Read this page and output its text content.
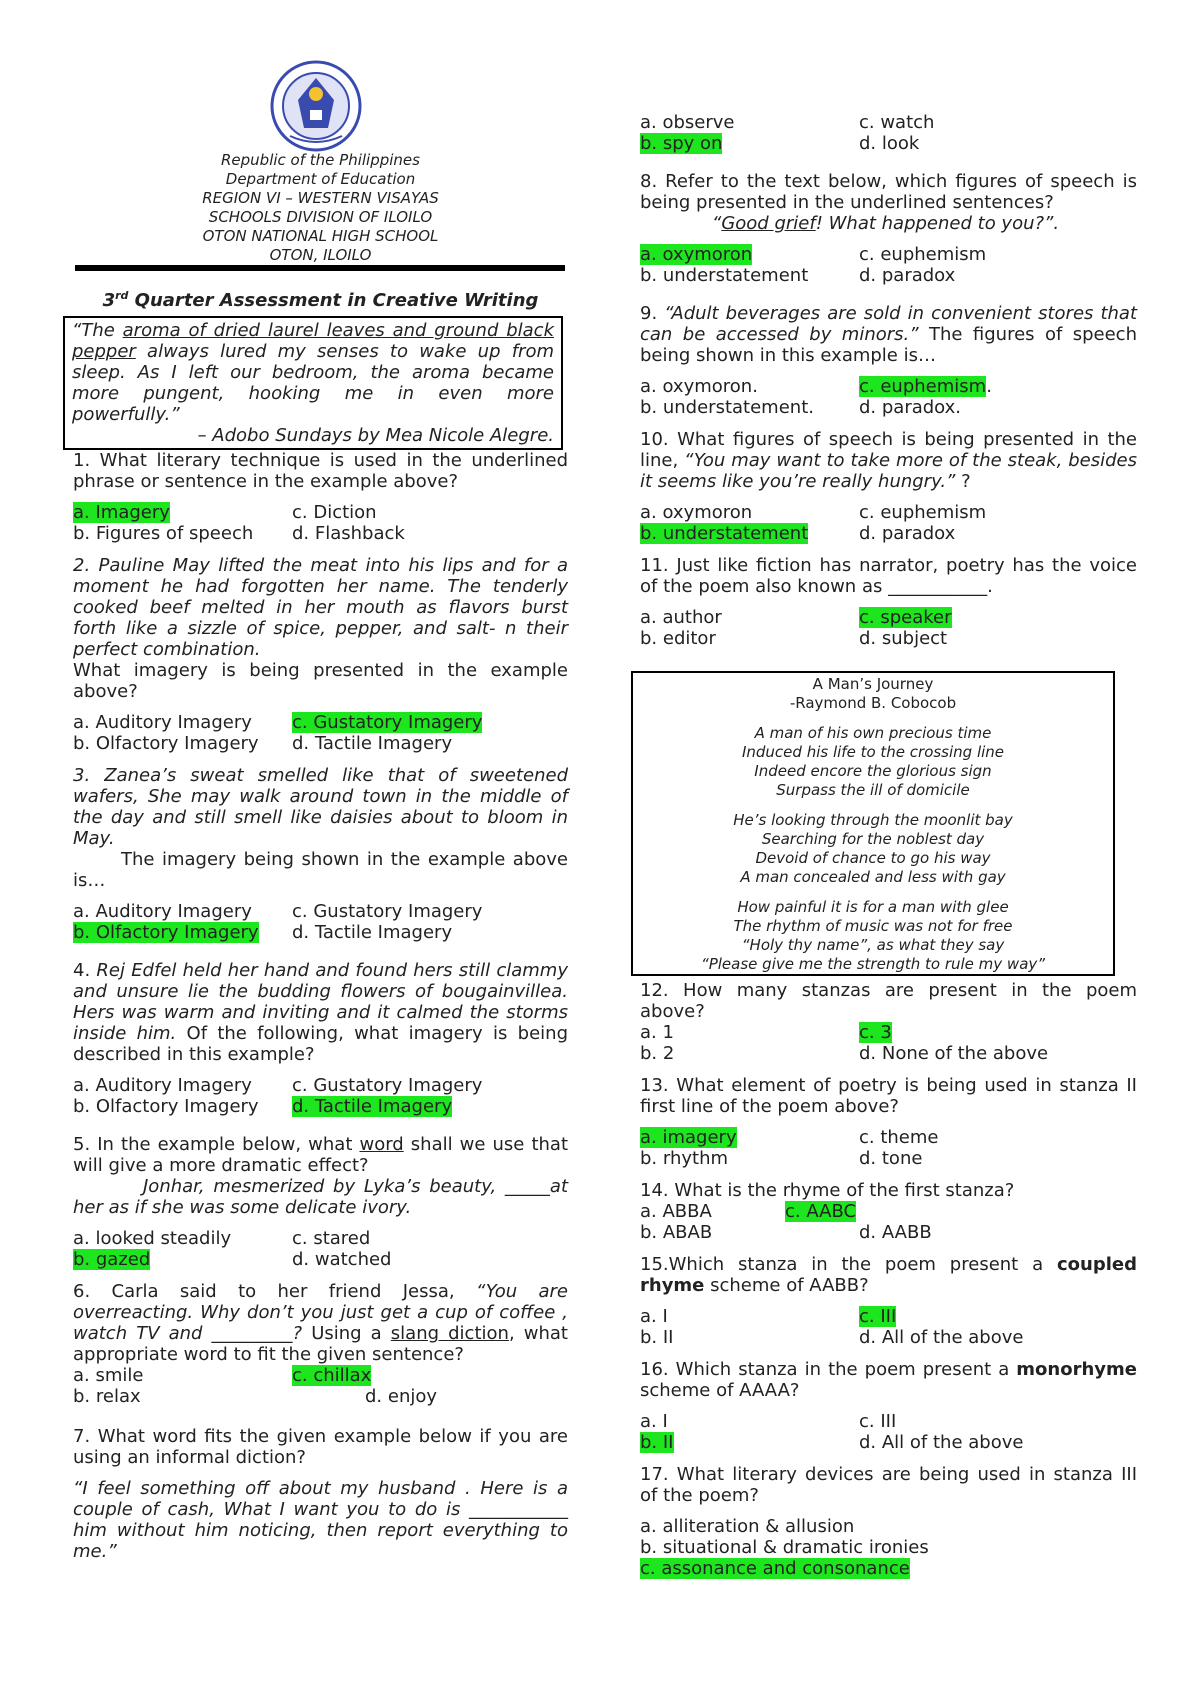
Republic of the Philippines
Department of Education
REGION VI – WESTERN VISAYAS
SCHOOLS DIVISION OF ILOILO
OTON NATIONAL HIGH SCHOOL
OTON, ILOILO
3rd Quarter Assessment in Creative Writing
“The aroma of dried laurel leaves and ground black pepper always lured my senses to wake up from sleep. As I left our bedroom, the aroma became more pungent, hooking me in even more powerfully.”
– Adobo Sundays by Mea Nicole Alegre.
1. What literary technique is used in the underlined phrase or sentence in the example above?
a. Imagery	c. Diction
b. Figures of speech	d. Flashback
2. Pauline May lifted the meat into his lips and for a moment he had forgotten her name. The tenderly cooked beef melted in her mouth as flavors burst forth like a sizzle of spice, pepper, and salt- n their perfect combination.
What imagery is being presented in the example above?
a. Auditory Imagery	c. Gustatory Imagery
b. Olfactory Imagery	d. Tactile Imagery
3. Zanea’s sweat smelled like that of sweetened wafers, She may walk around town in the middle of the day and still smell like daisies about to bloom in May.
The imagery being shown in the example above is…
a. Auditory Imagery	c. Gustatory Imagery
b. Olfactory Imagery	d. Tactile Imagery
4. Rej Edfel held her hand and found hers still clammy and unsure lie the budding flowers of bougainvillea. Hers was warm and inviting and it calmed the storms inside him. Of the following, what imagery is being described in this example?
a. Auditory Imagery	c. Gustatory Imagery
b. Olfactory Imagery	d. Tactile Imagery
5. In the example below, what word shall we use that will give a more dramatic effect?
Jonhar, mesmerized by Lyka’s beauty, _____at her as if she was some delicate ivory.
a. looked steadily	c. stared
b. gazed	d. watched
6. Carla said to her friend Jessa, “You are overreacting. Why don’t you just get a cup of coffee , watch TV and _________? Using a slang diction, what appropriate word to fit the given sentence?
a. smile	c. chillax
b. relax	d. enjoy
7. What word fits the given example below if you are using an informal diction?
“I feel something off about my husband . Here is a couple of cash, What I want you to do is ___________ him without him noticing, then report everything to me.”
a. observe	c. watch
b. spy on	d. look
8. Refer to the text below, which figures of speech is being presented in the underlined sentences?
“Good grief! What happened to you?”.
a. oxymoron	c. euphemism
b. understatement	d. paradox
9. “Adult beverages are sold in convenient stores that can be accessed by minors.” The figures of speech being shown in this example is…
a. oxymoron.	c. euphemism.
b. understatement.	d. paradox.
10. What figures of speech is being presented in the line, “You may want to take more of the steak, besides it seems like you’re really hungry.” ?
a. oxymoron	c. euphemism
b. understatement	d. paradox
11. Just like fiction has narrator, poetry has the voice of the poem also known as ___________.
a. author	c. speaker
b. editor	d. subject
A Man’s Journey
-Raymond B. Cobocob
A man of his own precious time
Induced his life to the crossing line
Indeed encore the glorious sign
Surpass the ill of domicile
He’s looking through the moonlit bay
Searching for the noblest day
Devoid of chance to go his way
A man concealed and less with gay
How painful it is for a man with glee
The rhythm of music was not for free
“Holy thy name”, as what they say
“Please give me the strength to rule my way”
12. How many stanzas are present in the poem above?
a. 1	c. 3
b. 2	d. None of the above
13. What element of poetry is being used in stanza II first line of the poem above?
a. imagery	c. theme
b. rhythm	d. tone
14. What is the rhyme of the first stanza?
a. ABBA	c. AABC
b. ABAB	d. AABB
15.Which stanza in the poem present a coupled rhyme scheme of AABB?
a. I	c. III
b. II	d. All of the above
16. Which stanza in the poem present a monorhyme scheme of AAAA?
a. I	c. III
b. II	d. All of the above
17. What literary devices are being used in stanza III of the poem?
a. alliteration & allusion
b. situational & dramatic ironies
c. assonance and consonance
